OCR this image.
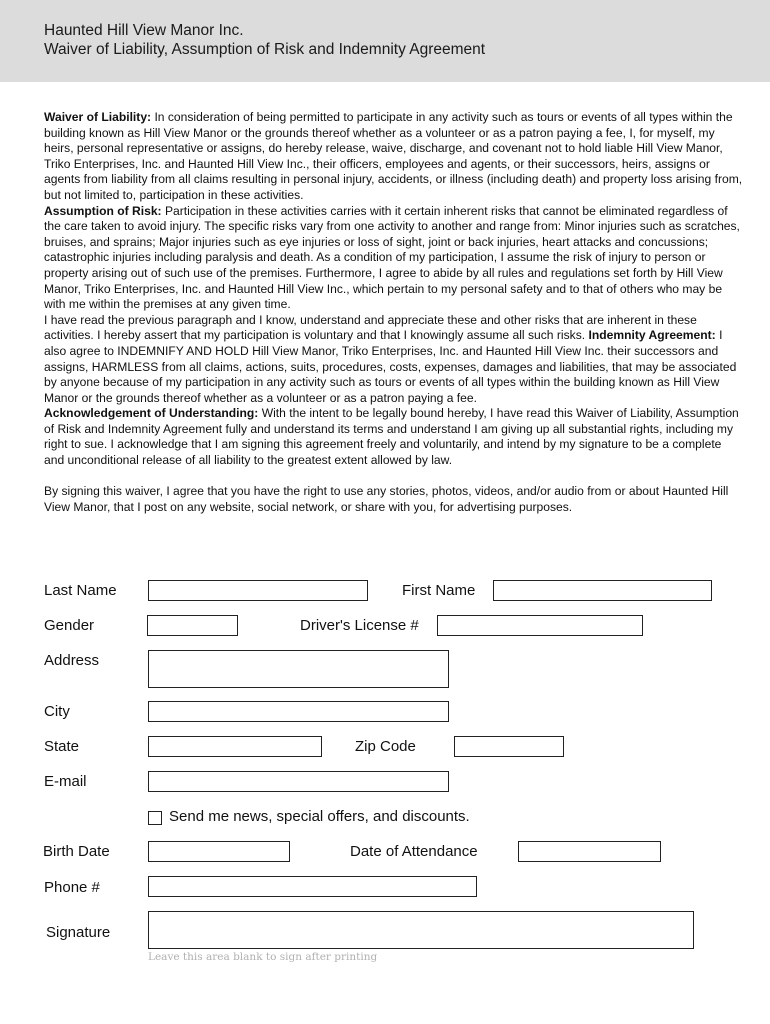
Haunted Hill View Manor Inc.
Waiver of Liability, Assumption of Risk and Indemnity Agreement
Waiver of Liability: In consideration of being permitted to participate in any activity such as tours or events of all types within the building known as Hill View Manor or the grounds thereof whether as a volunteer or as a patron paying a fee, I, for myself, my heirs, personal representative or assigns, do hereby release, waive, discharge, and covenant not to hold liable Hill View Manor, Triko Enterprises, Inc. and Haunted Hill View Inc., their officers, employees and agents, or their successors, heirs, assigns or agents from liability from all claims resulting in personal injury, accidents, or illness (including death) and property loss arising from, but not limited to, participation in these activities.
Assumption of Risk: Participation in these activities carries with it certain inherent risks that cannot be eliminated regardless of the care taken to avoid injury. The specific risks vary from one activity to another and range from: Minor injuries such as scratches, bruises, and sprains; Major injuries such as eye injuries or loss of sight, joint or back injuries, heart attacks and concussions; catastrophic injuries including paralysis and death. As a condition of my participation, I assume the risk of injury to person or property arising out of such use of the premises. Furthermore, I agree to abide by all rules and regulations set forth by Hill View Manor, Triko Enterprises, Inc. and Haunted Hill View Inc., which pertain to my personal safety and to that of others who may be with me within the premises at any given time.
I have read the previous paragraph and I know, understand and appreciate these and other risks that are inherent in these activities. I hereby assert that my participation is voluntary and that I knowingly assume all such risks. Indemnity Agreement: I also agree to INDEMNIFY AND HOLD Hill View Manor, Triko Enterprises, Inc. and Haunted Hill View Inc. their successors and assigns, HARMLESS from all claims, actions, suits, procedures, costs, expenses, damages and liabilities, that may be associated by anyone because of my participation in any activity such as tours or events of all types within the building known as Hill View Manor or the grounds thereof whether as a volunteer or as a patron paying a fee.
Acknowledgement of Understanding: With the intent to be legally bound hereby, I have read this Waiver of Liability, Assumption of Risk and Indemnity Agreement fully and understand its terms and understand I am giving up all substantial rights, including my right to sue. I acknowledge that I am signing this agreement freely and voluntarily, and intend by my signature to be a complete and unconditional release of all liability to the greatest extent allowed by law.
By signing this waiver, I agree that you have the right to use any stories, photos, videos, and/or audio from or about Haunted Hill View Manor, that I post on any website, social network, or share with you, for advertising purposes.
Last Name	First Name
Gender	Driver's License #
Address
City
State	Zip Code
E-mail
Send me news, special offers, and discounts.
Birth Date	Date of Attendance
Phone #
Signature
Leave this area blank to sign after printing
